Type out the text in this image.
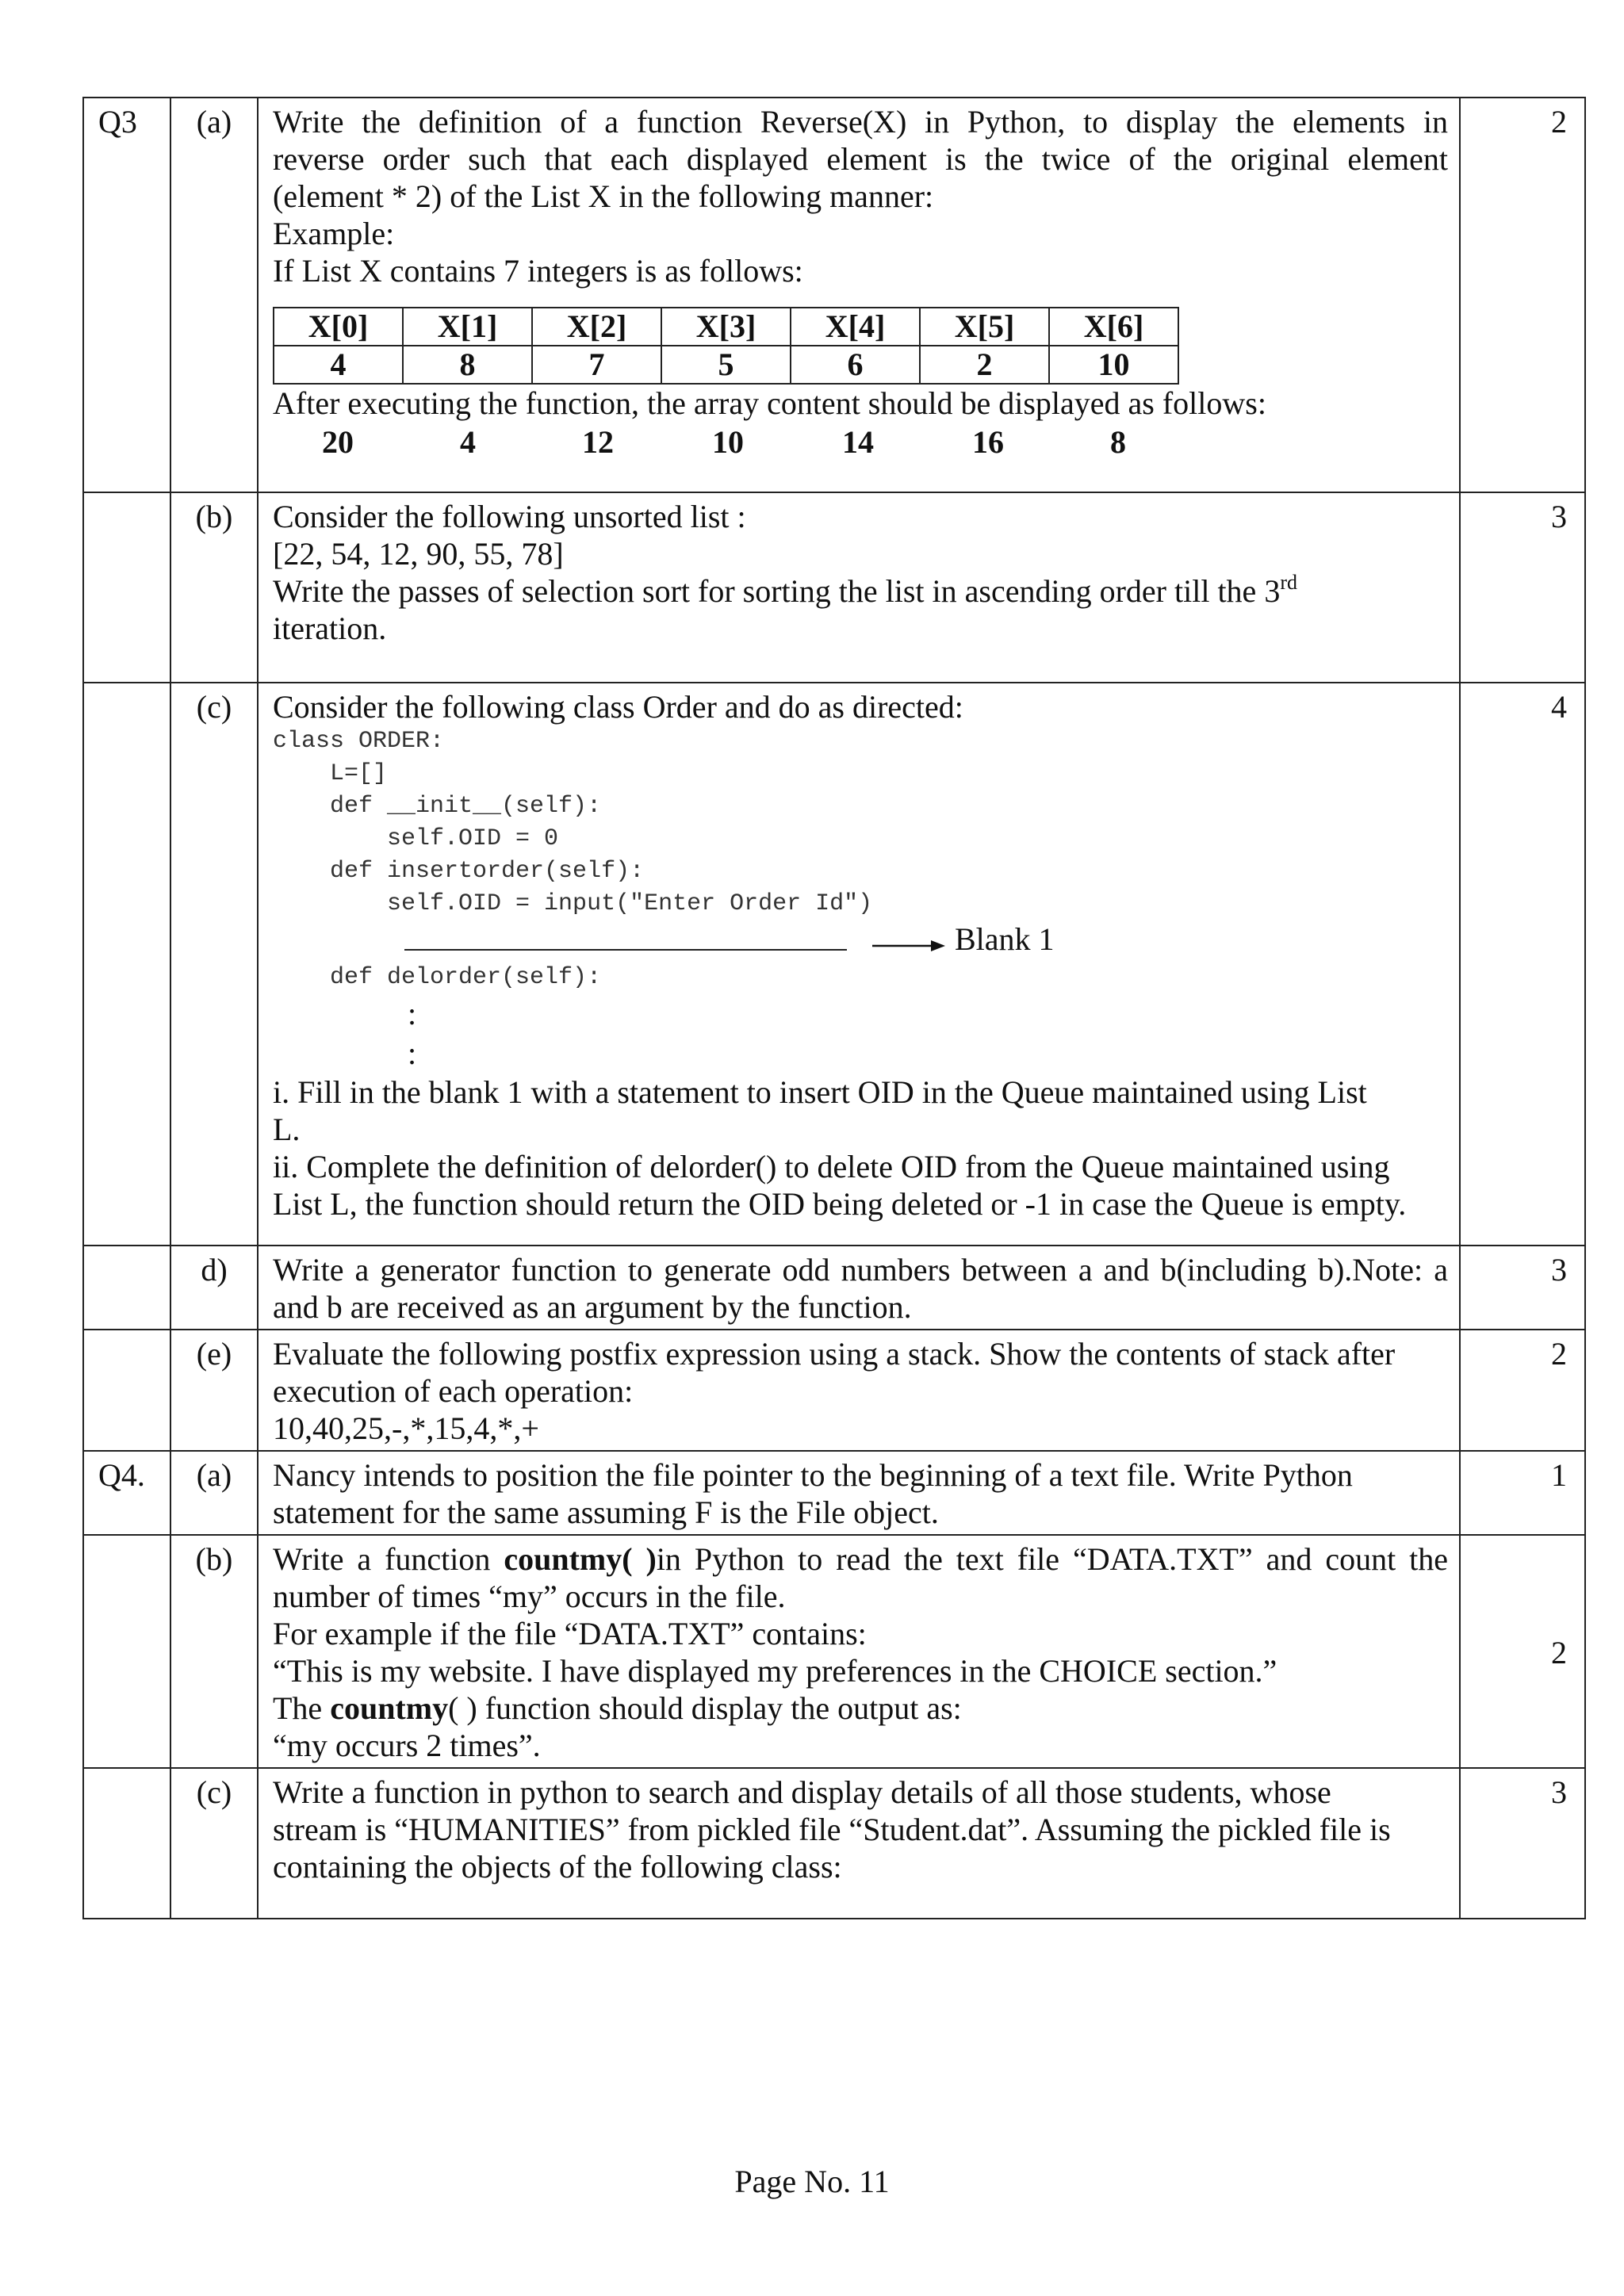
Q3	(a)	Write the definition of a function Reverse(X) in Python, to display the elements in
reverse order such that each displayed element is the twice of the original element
(element * 2) of the List X in the following manner:
Example:
If List X contains 7 integers is as follows:
X[0]	X[1]	X[2]	X[3]	X[4]	X[5]	X[6]
4	8	7	5	6	2	10
After executing the function, the array content should be displayed as follows:
20	4	12	10	14	16	8
	2
	(b)	Consider the following unsorted list :
[22, 54, 12, 90, 55, 78]
Write the passes of selection sort for sorting the list in ascending order till the 3rd
iteration.
	3
	(c)	Consider the following class Order and do as directed:
class ORDER:
L=[]
def __init__(self):
self.OID = 0
def insertorder(self):
self.OID = input("Enter Order Id")
Blank 1
def delorder(self):
:
:
i. Fill in the blank 1 with a statement to insert OID in the Queue maintained using List
L.
ii. Complete the definition of delorder() to delete OID from the Queue maintained using
List L, the function should return the OID being deleted or -1 in case the Queue is empty.
	4
	d)	Write a generator function to generate odd numbers between a and b(including b).Note: a
and b are received as an argument by the function.
	3
	(e)	Evaluate the following postfix expression using a stack. Show the contents of stack after
execution of each operation:
10,40,25,-,*,15,4,*,+
	2
Q4.	(a)	Nancy intends to position the file pointer to the beginning of a text file. Write Python
statement for the same assuming F is the File object.
	1
	(b)	Write a function countmy( )in Python to read the text file “DATA.TXT” and count the
number of times “my” occurs in the file.
For example if the file “DATA.TXT” contains:
“This is my website. I have displayed my preferences in the CHOICE section.”
The countmy( ) function should display the output as:
“my occurs 2 times”.
	2
	(c)	Write a function in python to search and display details of all those students, whose
stream is “HUMANITIES” from pickled file “Student.dat”. Assuming the pickled file is
containing the objects of the following class:
	3
Page No. 11
